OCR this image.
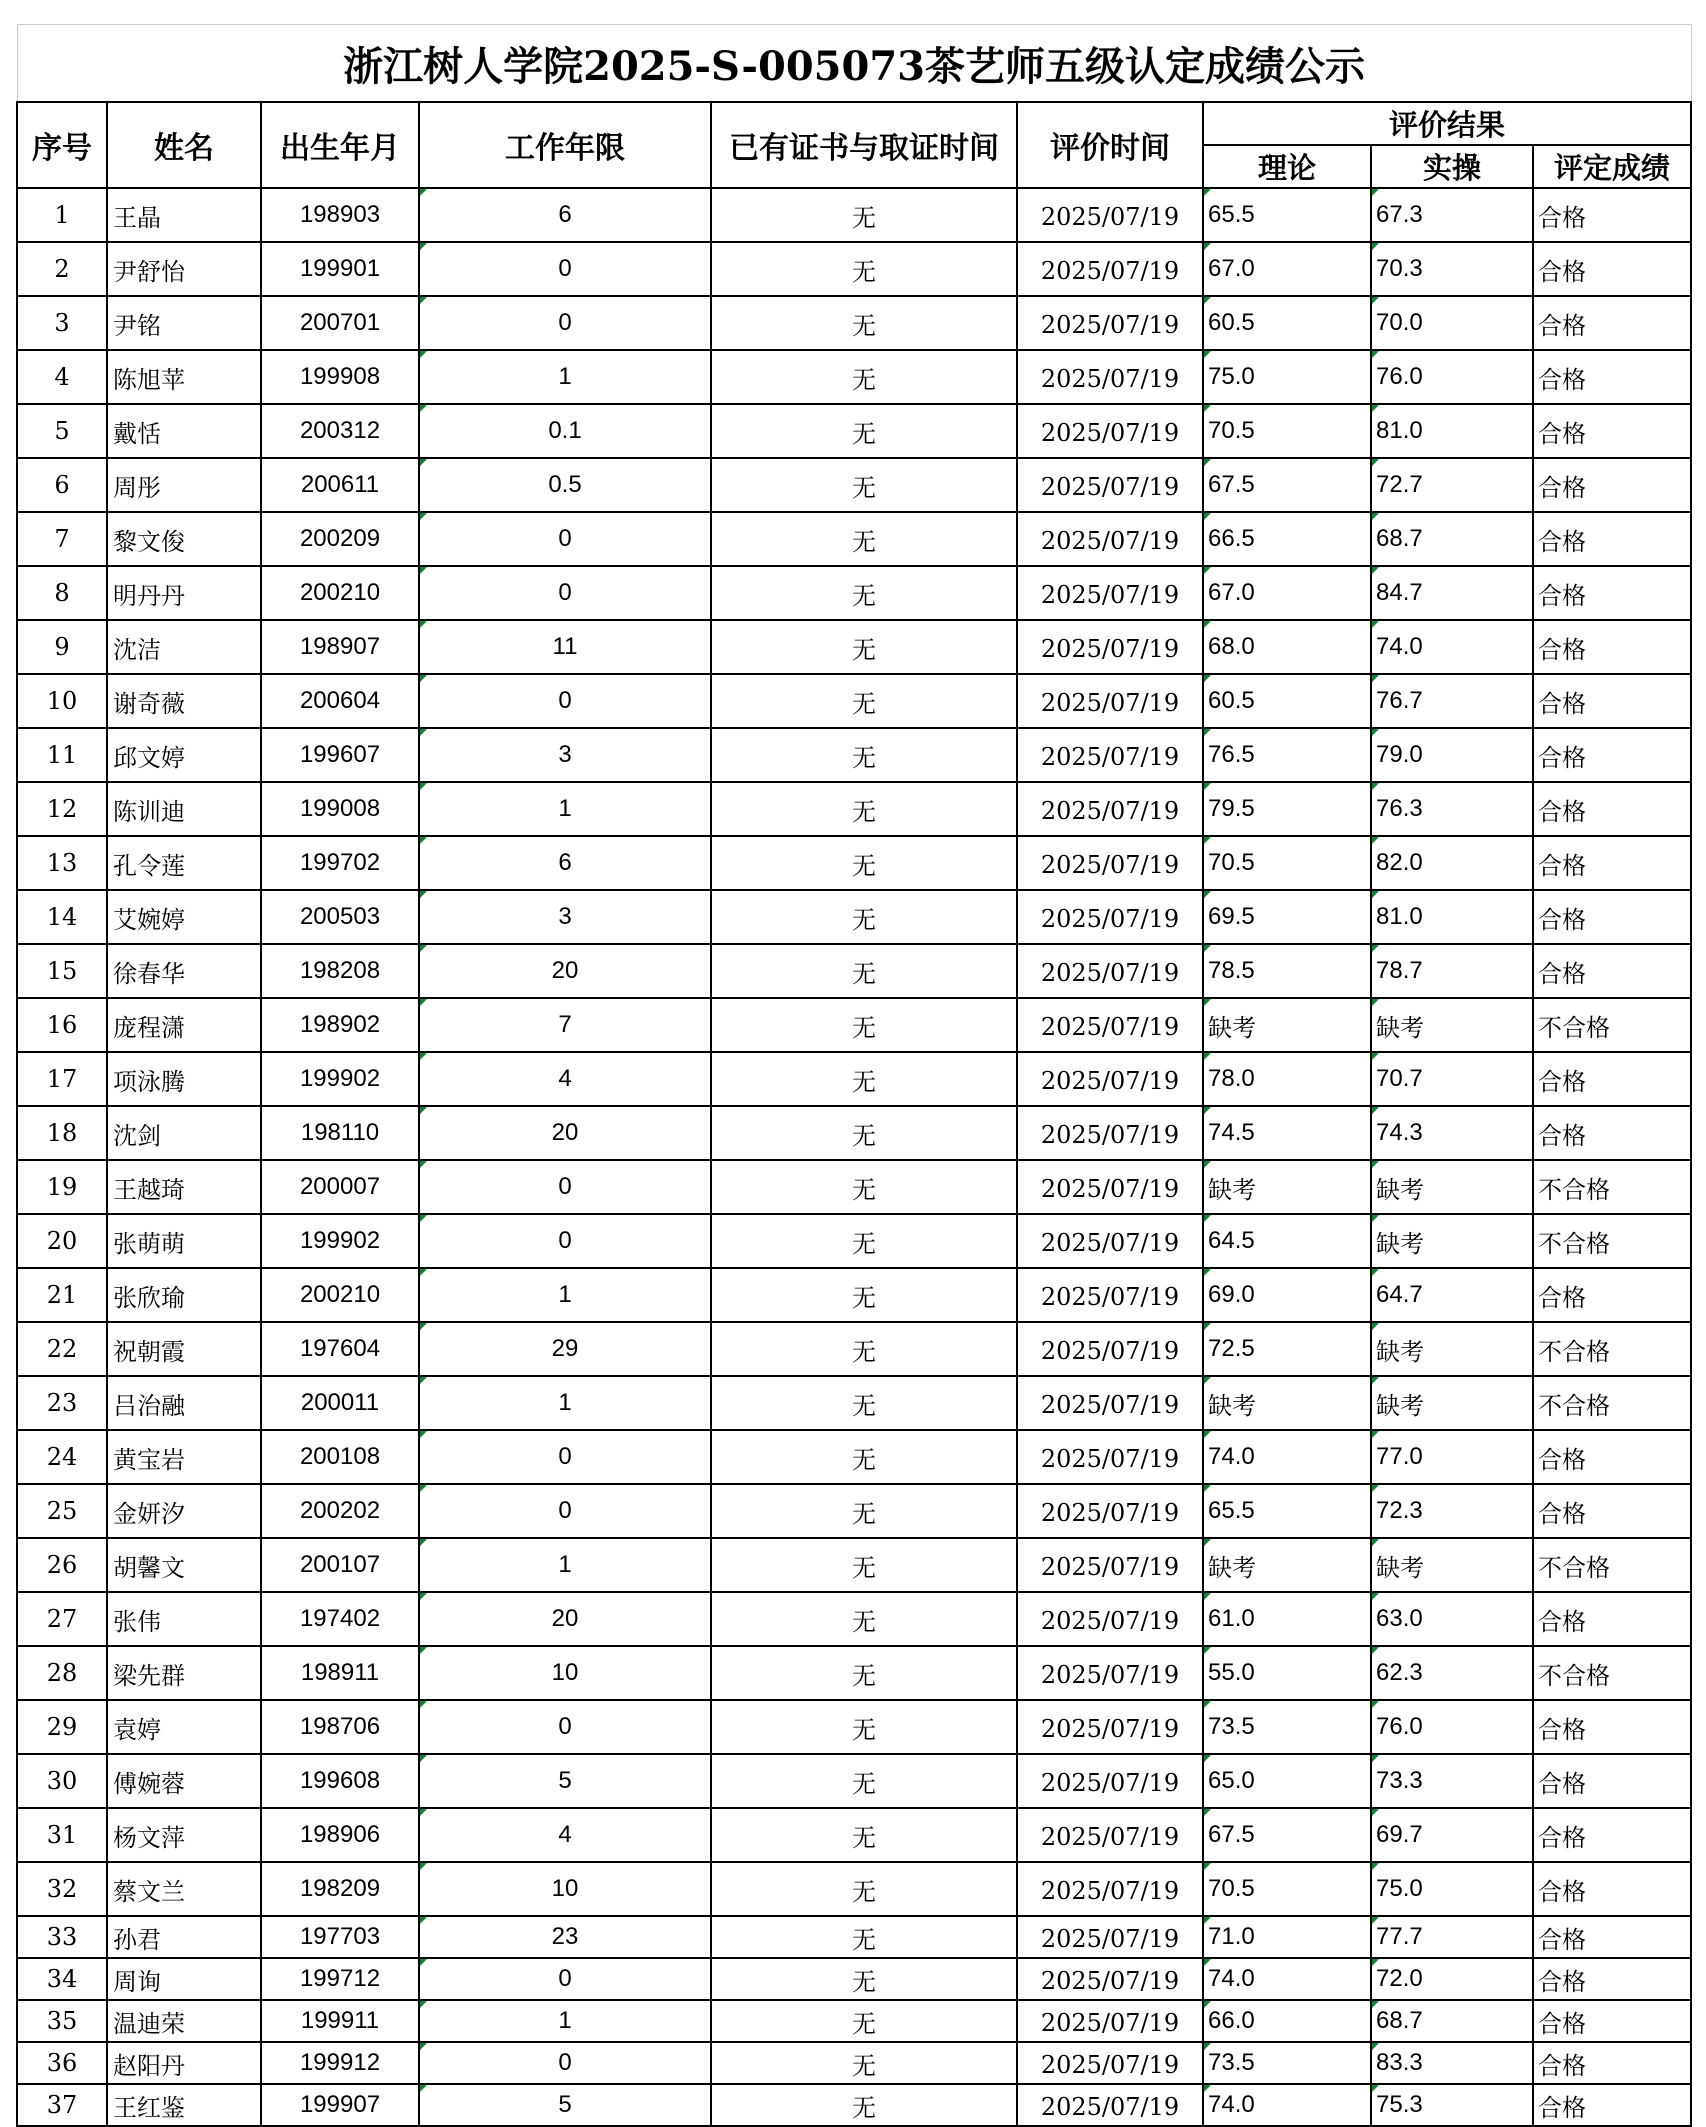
浙江树人学院2025-S-005073茶艺师五级认定成绩公示								
序号	姓名	出生年月	工作年限	已有证书与取证时间	评价时间	评价结果		
						理论	实操	评定成绩
1	王晶	198903	6	无	2025/07/19	65.5	67.3	合格
2	尹舒怡	199901	0	无	2025/07/19	67.0	70.3	合格
3	尹铭	200701	0	无	2025/07/19	60.5	70.0	合格
4	陈旭苹	199908	1	无	2025/07/19	75.0	76.0	合格
5	戴恬	200312	0.1	无	2025/07/19	70.5	81.0	合格
6	周彤	200611	0.5	无	2025/07/19	67.5	72.7	合格
7	黎文俊	200209	0	无	2025/07/19	66.5	68.7	合格
8	明丹丹	200210	0	无	2025/07/19	67.0	84.7	合格
9	沈洁	198907	11	无	2025/07/19	68.0	74.0	合格
10	谢奇薇	200604	0	无	2025/07/19	60.5	76.7	合格
11	邱文婷	199607	3	无	2025/07/19	76.5	79.0	合格
12	陈训迪	199008	1	无	2025/07/19	79.5	76.3	合格
13	孔令莲	199702	6	无	2025/07/19	70.5	82.0	合格
14	艾婉婷	200503	3	无	2025/07/19	69.5	81.0	合格
15	徐春华	198208	20	无	2025/07/19	78.5	78.7	合格
16	庞程潇	198902	7	无	2025/07/19	缺考	缺考	不合格
17	项泳腾	199902	4	无	2025/07/19	78.0	70.7	合格
18	沈剑	198110	20	无	2025/07/19	74.5	74.3	合格
19	王越琦	200007	0	无	2025/07/19	缺考	缺考	不合格
20	张萌萌	199902	0	无	2025/07/19	64.5	缺考	不合格
21	张欣瑜	200210	1	无	2025/07/19	69.0	64.7	合格
22	祝朝霞	197604	29	无	2025/07/19	72.5	缺考	不合格
23	吕治融	200011	1	无	2025/07/19	缺考	缺考	不合格
24	黄宝岩	200108	0	无	2025/07/19	74.0	77.0	合格
25	金妍汐	200202	0	无	2025/07/19	65.5	72.3	合格
26	胡馨文	200107	1	无	2025/07/19	缺考	缺考	不合格
27	张伟	197402	20	无	2025/07/19	61.0	63.0	合格
28	梁先群	198911	10	无	2025/07/19	55.0	62.3	不合格
29	袁婷	198706	0	无	2025/07/19	73.5	76.0	合格
30	傅婉蓉	199608	5	无	2025/07/19	65.0	73.3	合格
31	杨文萍	198906	4	无	2025/07/19	67.5	69.7	合格
32	蔡文兰	198209	10	无	2025/07/19	70.5	75.0	合格
33	孙君	197703	23	无	2025/07/19	71.0	77.7	合格
34	周询	199712	0	无	2025/07/19	74.0	72.0	合格
35	温迪荣	199911	1	无	2025/07/19	66.0	68.7	合格
36	赵阳丹	199912	0	无	2025/07/19	73.5	83.3	合格
37	王红鉴	199907	5	无	2025/07/19	74.0	75.3	合格
